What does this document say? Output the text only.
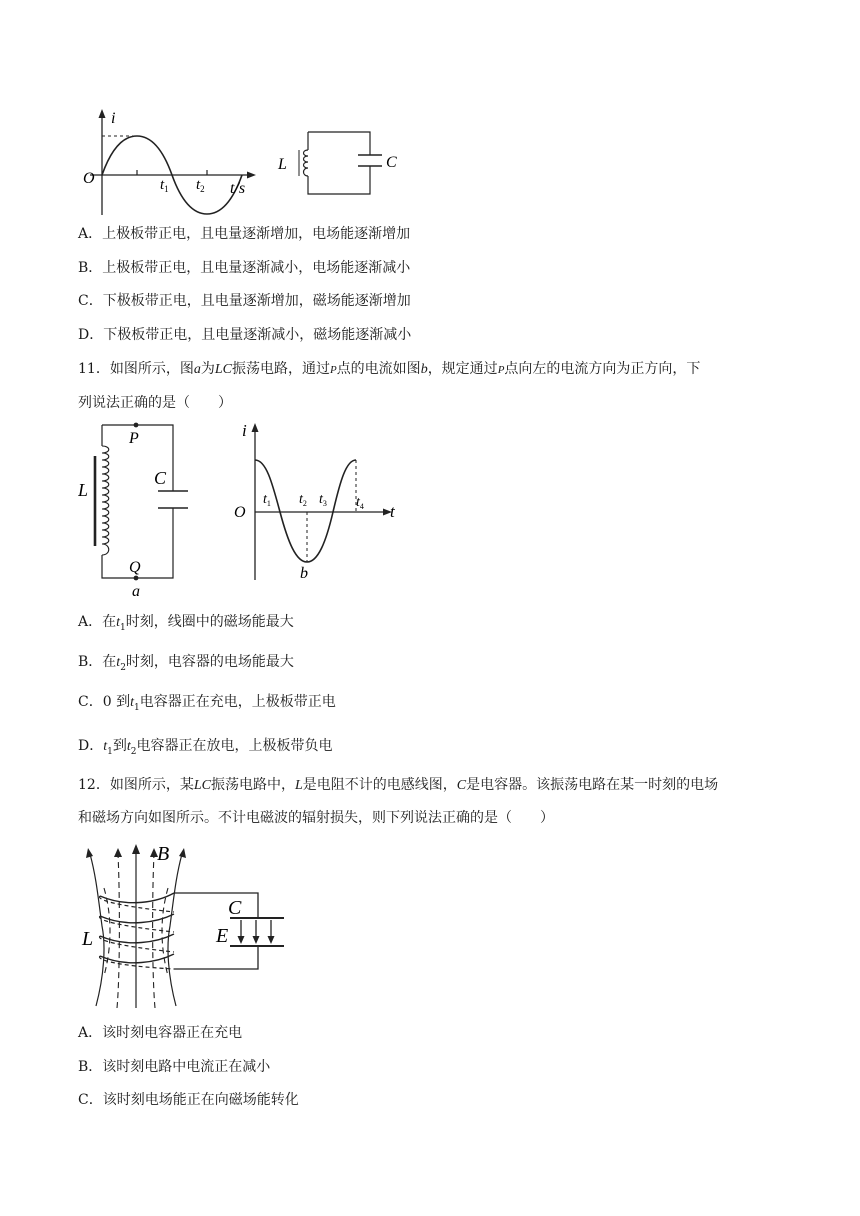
i
O	$t_1$ $t_2$ t/s
L	C
A．上极板带正电，且电量逐渐增加，电场能逐渐增加
B．上极板带正电，且电量逐渐减小，电场能逐渐减小
C．下极板带正电，且电量逐渐增加，磁场能逐渐增加
D．下极板带正电，且电量逐渐减小，磁场能逐渐减小
11．如图所示，图a为LC振荡电路，通过P点的电流如图b，规定通过P点向左的电流方向为正方向，下
列说法正确的是（　　）
P
Q
L
C
a
i
O
$t_1$ $t_2$ $t_3$ $t_4$ t
b
A．在$t_1$时刻，线圈中的磁场能最大
B．在$t_2$时刻，电容器的电场能最大
C．0 到$t_1$电容器正在充电，上极板带正电
D．$t_1$到$t_2$电容器正在放电，上极板带负电
12．如图所示，某LC振荡电路中，L是电阻不计的电感线图，C是电容器。该振荡电路在某一时刻的电场
和磁场方向如图所示。不计电磁波的辐射损失，则下列说法正确的是（　　）
B
C
E
L
A．该时刻电容器正在充电
B．该时刻电路中电流正在减小
C．该时刻电场能正在向磁场能转化
